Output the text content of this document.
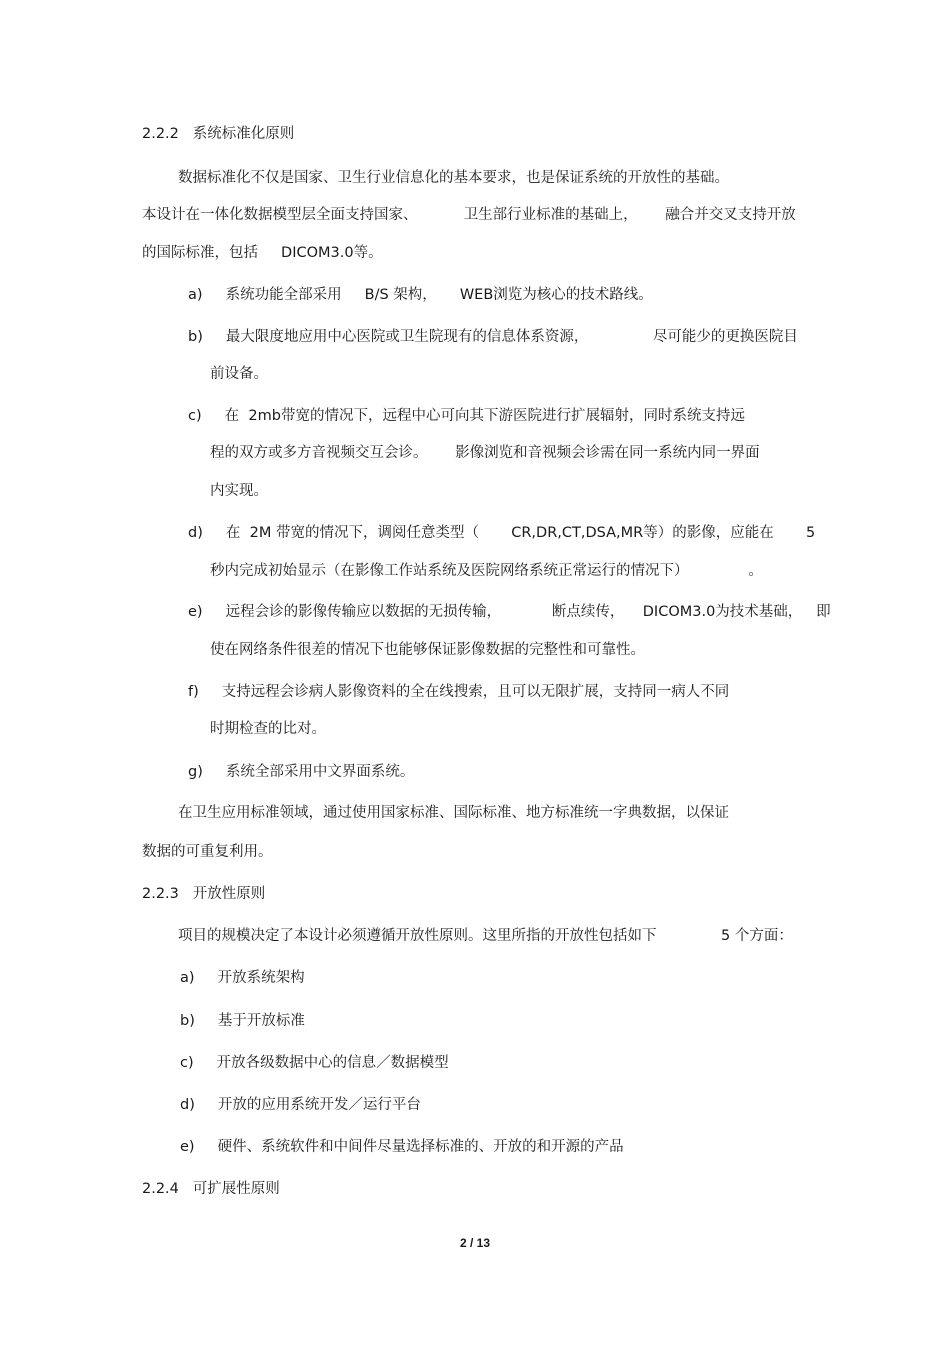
2.2.2   系统标准化原则
数据标准化不仅是国家、卫生行业信息化的基本要求，也是保证系统的开放性的基础。
本设计在一体化数据模型层全面支持国家、          卫生部行业标准的基础上，      融合并交叉支持开放
的国际标准，包括     DICOM3.0等。
a)     系统功能全部采用     B/S 架构，     WEB浏览为核心的技术路线。
b)     最大限度地应用中心医院或卫生院现有的信息体系资源，              尽可能少的更换医院目
前设备。
c)     在  2mb带宽的情况下，远程中心可向其下游医院进行扩展辐射，同时系统支持远
程的双方或多方音视频交互会诊。      影像浏览和音视频会诊需在同一系统内同一界面
内实现。
d)     在  2M 带宽的情况下，调阅任意类型（       CR,DR,CT,DSA,MR等）的影像，应能在       5
秒内完成初始显示（在影像工作站系统及医院网络系统正常运行的情况下）             。
e)     远程会诊的影像传输应以数据的无损传输，           断点续传，    DICOM3.0为技术基础，   即
使在网络条件很差的情况下也能够保证影像数据的完整性和可靠性。
f)     支持远程会诊病人影像资料的全在线搜索，且可以无限扩展，支持同一病人不同
时期检查的比对。
g)     系统全部采用中文界面系统。
在卫生应用标准领域，通过使用国家标准、国际标准、地方标准统一字典数据，以保证
数据的可重复利用。
2.2.3   开放性原则
项目的规模决定了本设计必须遵循开放性原则。这里所指的开放性包括如下              5 个方面：
a)     开放系统架构
b)     基于开放标准
c)     开放各级数据中心的信息／数据模型
d)     开放的应用系统开发／运行平台
e)     硬件、系统软件和中间件尽量选择标准的、开放的和开源的产品
2.2.4   可扩展性原则
2 / 13
